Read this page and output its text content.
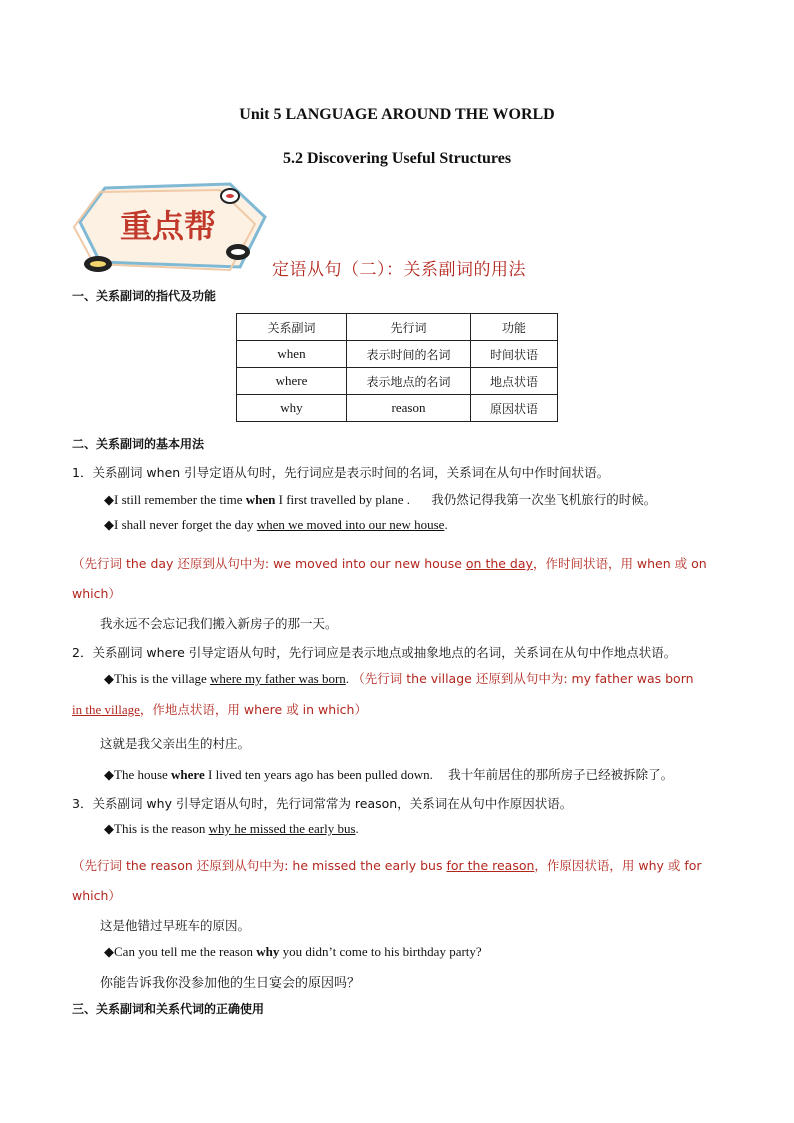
Unit 5 LANGUAGE AROUND THE WORLD
5.2 Discovering Useful Structures
重点帮
定语从句（二）：关系副词的用法
一、关系副词的指代及功能
关系副词	先行词	功能
when	表示时间的名词	时间状语
where	表示地点的名词	地点状语
why	reason	原因状语
二、关系副词的基本用法
1．关系副词 when 引导定语从句时，先行词应是表示时间的名词，关系词在从句中作时间状语。
◆I still remember the time when I first travelled by plane . 我仍然记得我第一次坐飞机旅行的时候。
◆I shall never forget the day when we moved into our new house.
（先行词 the day 还原到从句中为: we moved into our new house on the day，作时间状语，用 when 或 on which）
我永远不会忘记我们搬入新房子的那一天。
2．关系副词 where 引导定语从句时，先行词应是表示地点或抽象地点的名词，关系词在从句中作地点状语。
◆This is the village where my father was born. （先行词 the village 还原到从句中为: my father was born
in the village，作地点状语，用 where 或 in which）
这就是我父亲出生的村庄。
◆The house where I lived ten years ago has been pulled down. 我十年前居住的那所房子已经被拆除了。
3．关系副词 why 引导定语从句时，先行词常常为 reason，关系词在从句中作原因状语。
◆This is the reason why he missed the early bus.
（先行词 the reason 还原到从句中为: he missed the early bus for the reason，作原因状语，用 why 或 for which）
这是他错过早班车的原因。
◆Can you tell me the reason why you didn’t come to his birthday party?
你能告诉我你没参加他的生日宴会的原因吗？
三、关系副词和关系代词的正确使用
